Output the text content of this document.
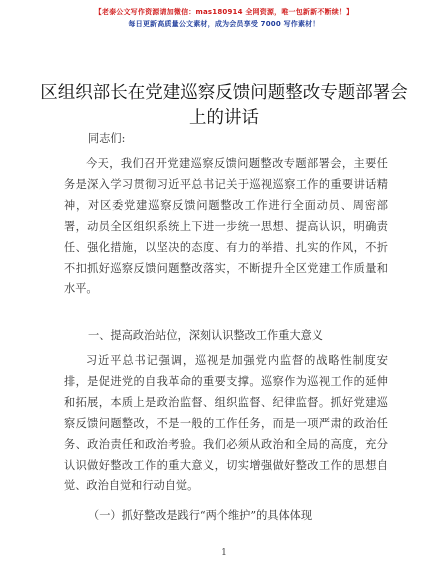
【老泰公文写作资源请加微信：mas180914 全网资源，唯一包新新不断续！】
每日更新高质量公文素材，成为会员享受 7000 写作素材！
区组织部长在党建巡察反馈问题整改专题部署会上的讲话
同志们:
今天，我们召开党建巡察反馈问题整改专题部署会，主要任务是深入学习贯彻习近平总书记关于巡视巡察工作的重要讲话精神，对区委党建巡察反馈问题整改工作进行全面动员、周密部署，动员全区组织系统上下进一步统一思想、提高认识，明确责任、强化措施，以坚决的态度、有力的举措、扎实的作风，不折不扣抓好巡察反馈问题整改落实，不断提升全区党建工作质量和水平。
一、提高政治站位，深刻认识整改工作重大意义
习近平总书记强调，巡视是加强党内监督的战略性制度安排，是促进党的自我革命的重要支撑。巡察作为巡视工作的延伸和拓展，本质上是政治监督、组织监督、纪律监督。抓好党建巡察反馈问题整改，不是一般的工作任务，而是一项严肃的政治任务、政治责任和政治考验。我们必须从政治和全局的高度，充分认识做好整改工作的重大意义，切实增强做好整改工作的思想自觉、政治自觉和行动自觉。
（一）抓好整改是践行“两个维护”的具体体现
1
